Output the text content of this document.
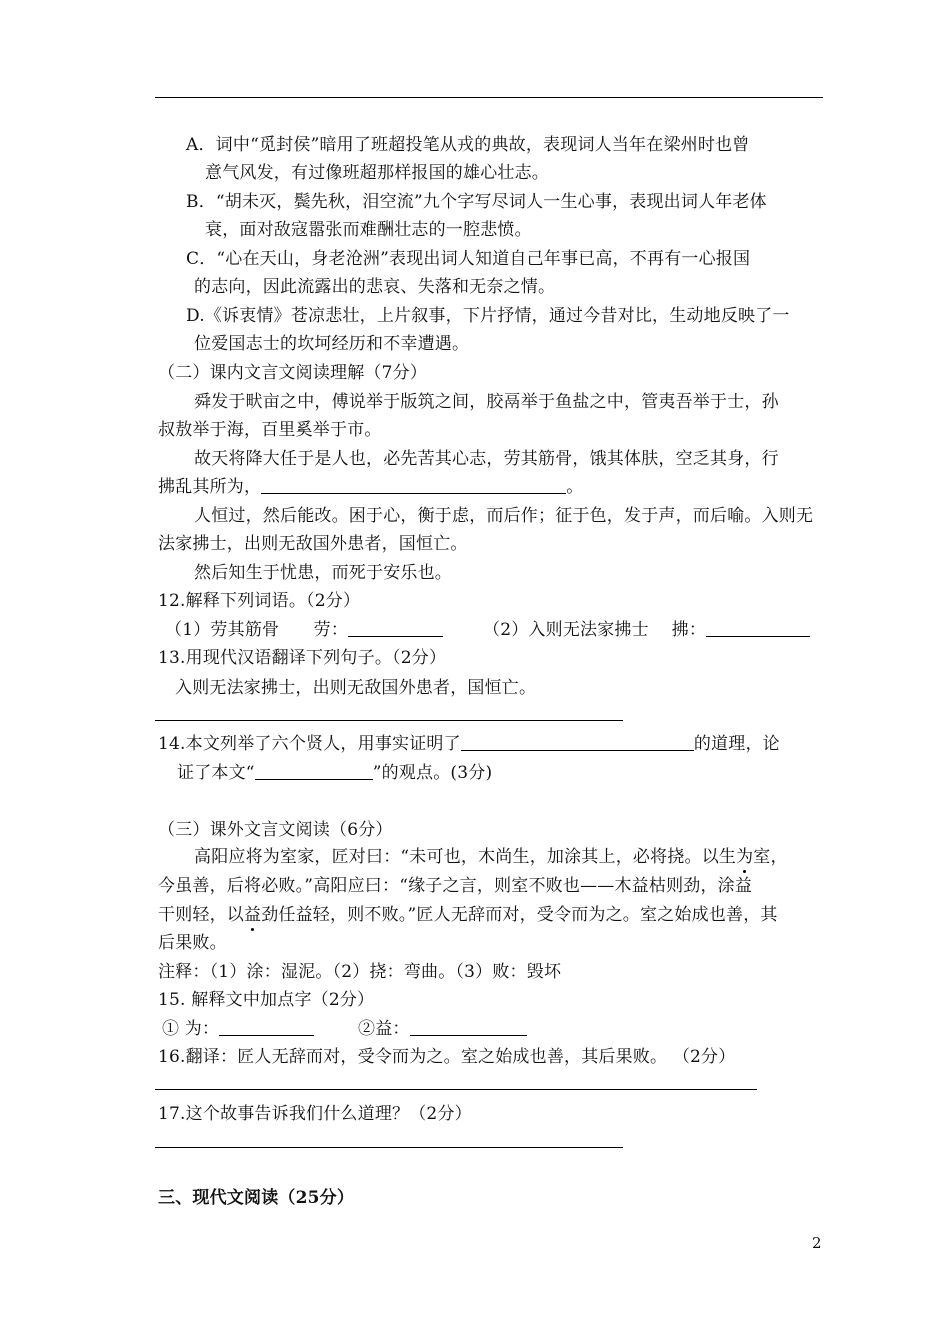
A．词中“觅封侯”暗用了班超投笔从戎的典故，表现词人当年在梁州时也曾
意气风发，有过像班超那样报国的雄心壮志。
B．“胡未灭，鬓先秋，泪空流”九个字写尽词人一生心事，表现出词人年老体
衰，面对敌寇嚣张而难酬壮志的一腔悲愤。
C．“心在天山，身老沧洲”表现出词人知道自己年事已高，不再有一心报国
的志向，因此流露出的悲哀、失落和无奈之情。
D.《诉衷情》苍凉悲壮，上片叙事，下片抒情，通过今昔对比，生动地反映了一
位爱国志士的坎坷经历和不幸遭遇。
（二）课内文言文阅读理解（7分）
舜发于畎亩之中，傅说举于版筑之间，胶鬲举于鱼盐之中，管夷吾举于士，孙
叔敖举于海，百里奚举于市。
故天将降大任于是人也，必先苦其心志，劳其筋骨，饿其体肤，空乏其身，行
拂乱其所为，	。
人恒过，然后能改。困于心，衡于虑，而后作；征于色，发于声，而后喻。入则无
法家拂士，出则无敌国外患者，国恒亡。
然后知生于忧患，而死于安乐也。
12.解释下列词语。（2分）
（1）劳其筋骨　　劳：	（2）入则无法家拂士　 拂：
13.用现代汉语翻译下列句子。（2分）
入则无法家拂士，出则无敌国外患者，国恒亡。
14.本文列举了六个贤人，用事实证明了	的道理，论
证了本文“	”的观点。(3分)
（三）课外文言文阅读（6分）
高阳应将为室家，匠对曰：“未可也，木尚生，加涂其上，必将挠。以生为室，
今虽善，后将必败。”高阳应曰：“缘子之言，则室不败也——木益枯则劲，涂益
干则轻，以益劲任益轻，则不败。”匠人无辞而对，受令而为之。室之始成也善，其
后果败。
注释：（1）涂：湿泥。（2）挠：弯曲。（3）败：毁坏
15. 解释文中加点字（2分）
① 为：	②益：
16.翻译：匠人无辞而对，受令而为之。室之始成也善，其后果败。 （2分）
17.这个故事告诉我们什么道理？（2分）
三、现代文阅读（25分）
2
